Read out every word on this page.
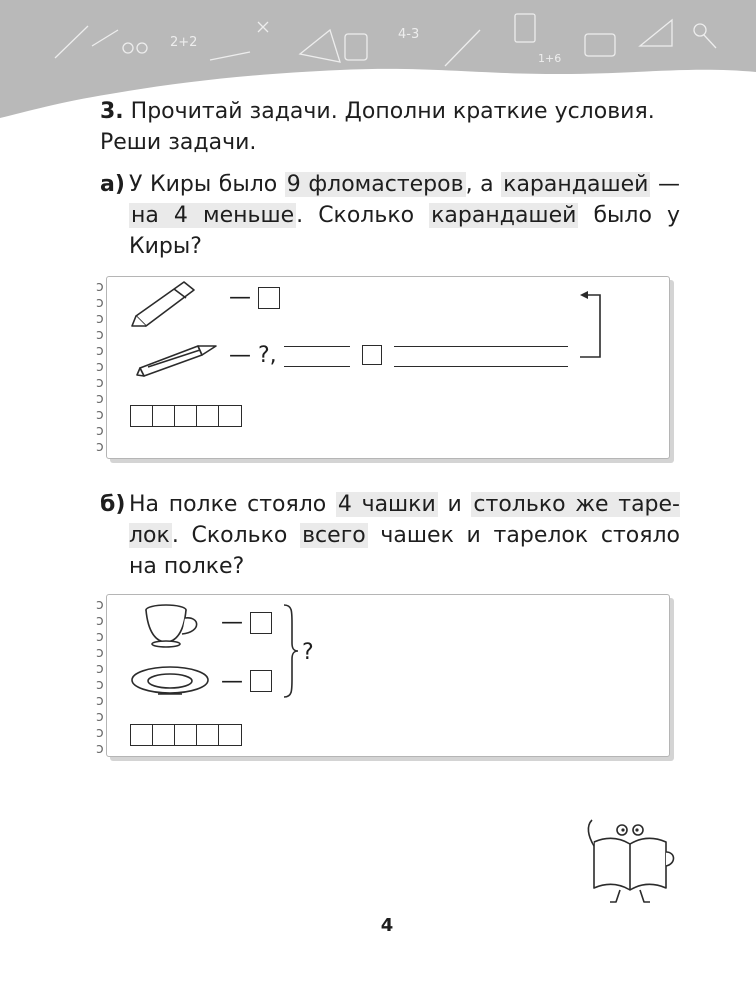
2+2
4-3
1+6
3. Прочитай задачи. Дополни краткие условия.
Реши задачи.
а) У Киры было 9 фломастеров, а карандашей — на 4 меньше. Сколько карандашей было у Киры?
ↄ
ↄ
ↄ
ↄ
ↄ
ↄ
ↄ
ↄ
ↄ
ↄ
ↄ
—
— ?,
б) На полке стояло 4 чашки и столько же таре-лок. Сколько всего чашек и тарелок стояло на полке?
ↄ
ↄ
ↄ
ↄ
ↄ
ↄ
ↄ
ↄ
ↄ
ↄ
—
—
?
4
